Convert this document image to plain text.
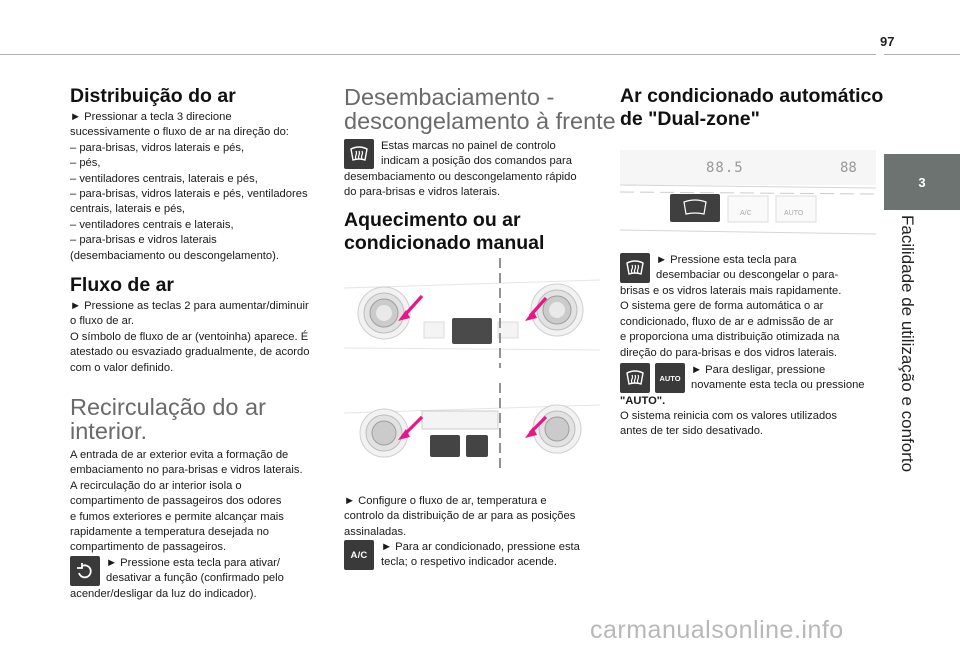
97
3
Facilidade de utilização e conforto
Distribuição do ar
► Pressionar a tecla 3 direcione
sucessivamente o fluxo de ar na direção do:
– para-brisas, vidros laterais e pés,
– pés,
– ventiladores centrais, laterais e pés,
– para-brisas, vidros laterais e pés, ventiladores
centrais, laterais e pés,
– ventiladores centrais e laterais,
– para-brisas e vidros laterais
(desembaciamento ou descongelamento).
Fluxo de ar
► Pressione as teclas 2 para aumentar/diminuir
o fluxo de ar.
O símbolo de fluxo de ar (ventoinha) aparece. É
atestado ou esvaziado gradualmente, de acordo
com o valor definido.
Recirculação do ar
interior.
A entrada de ar exterior evita a formação de
embaciamento no para-brisas e vidros laterais.
A recirculação do ar interior isola o
compartimento de passageiros dos odores
e fumos exteriores e permite alcançar mais
rapidamente a temperatura desejada no
compartimento de passageiros.
► Pressione esta tecla para ativar/
desativar a função (confirmado pelo
acender/desligar da luz do indicador).
Desembaciamento -
descongelamento à frente
Estas marcas no painel de controlo
indicam a posição dos comandos para
desembaciamento ou descongelamento rápido
do para-brisas e vidros laterais.
Aquecimento ou ar
condicionado manual
► Configure o fluxo de ar, temperatura e
controlo da distribuição de ar para as posições
assinaladas.
A/C
► Para ar condicionado, pressione esta
tecla; o respetivo indicador acende.
Ar condicionado automático
de "Dual-zone"
88.5	88
A/C	AUTO
► Pressione esta tecla para
desembaciar ou descongelar o para-
brisas e os vidros laterais mais rapidamente.
O sistema gere de forma automática o ar
condicionado, fluxo de ar e admissão de ar
e proporciona uma distribuição otimizada na
direção do para-brisas e dos vidros laterais.
AUTO
► Para desligar, pressione
novamente esta tecla ou pressione
"AUTO".
O sistema reinicia com os valores utilizados
antes de ter sido desativado.
carmanualsonline.info
